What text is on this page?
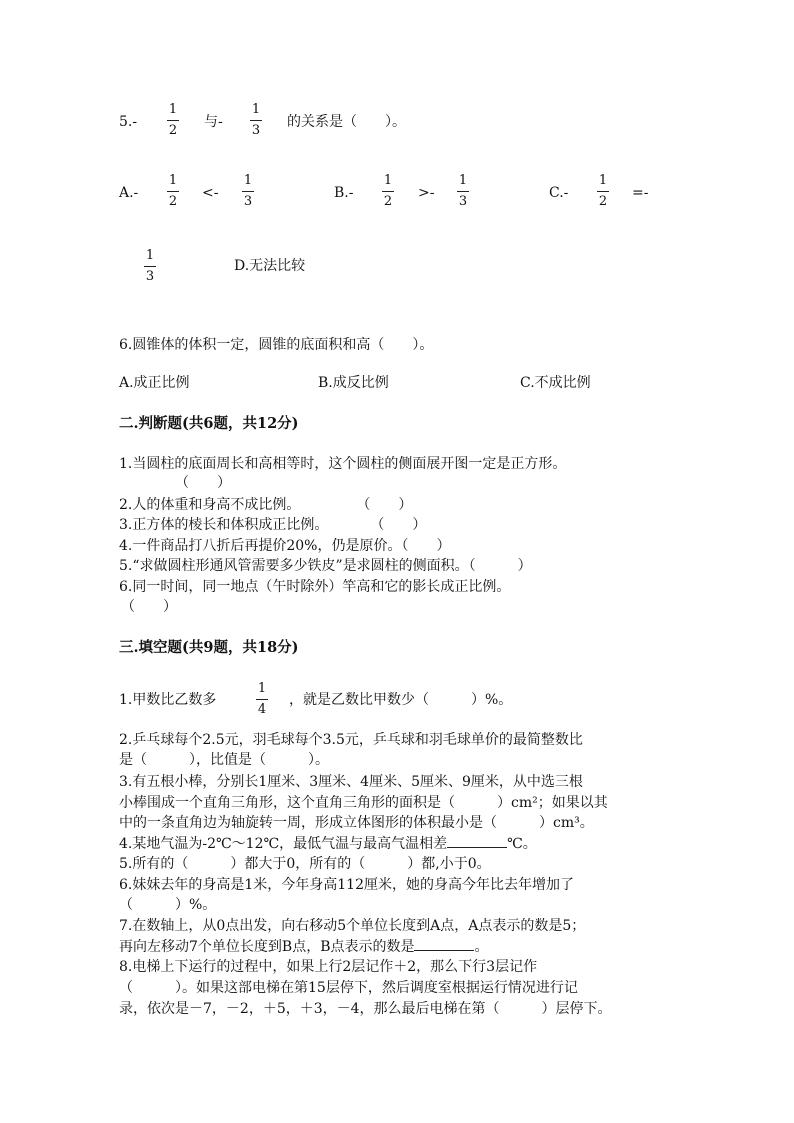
5.-
1
2
与-
1
3
的关系是（　　）。
A.-
1
2
<-
1
3
B.-
1
2
>-
1
3
C.-
1
2
=-
1
3
D.无法比较
6.圆锥体的体积一定，圆锥的底面积和高（　　）。
A.成正比例	B.成反比例	C.不成比例
二.判断题(共6题，共12分)
1.当圆柱的底面周长和高相等时，这个圆柱的侧面展开图一定是正方形。
（　　）
2.人的体重和身高不成比例。　　　　　（　　）
3.正方体的棱长和体积成正比例。　　　　（　　）
4.一件商品打八折后再提价20%，仍是原价。（　　）
5.“求做圆柱形通风管需要多少铁皮”是求圆柱的侧面积。（　　　）
6.同一时间，同一地点（午时除外）竿高和它的影长成正比例。
（　　）
三.填空题(共9题，共18分)
1.甲数比乙数多
1
4
，就是乙数比甲数少（　　　）%。
2.乒乓球每个2.5元，羽毛球每个3.5元，乒乓球和羽毛球单价的最简整数比
是（　　　），比值是（　　　）。
3.有五根小棒，分别长1厘米、3厘米、4厘米、5厘米、9厘米，从中选三根
小棒围成一个直角三角形，这个直角三角形的面积是（　　　）cm²；如果以其
中的一条直角边为轴旋转一周，形成立体图形的体积最小是（　　　）cm³。
4.某地气温为-2℃～12℃，最低气温与最高气温相差	℃。
5.所有的（　　　）都大于0，所有的（　　　）都,小于0。
6.妹妹去年的身高是1米，今年身高112厘米，她的身高今年比去年增加了
（　　　）%。
7.在数轴上，从0点出发，向右移动5个单位长度到A点，A点表示的数是5；
再向左移动7个单位长度到B点，B点表示的数是	。
8.电梯上下运行的过程中，如果上行2层记作＋2，那么下行3层记作
（　　　）。如果这部电梯在第15层停下，然后调度室根据运行情况进行记
录，依次是－7，－2，＋5，＋3，－4，那么最后电梯在第（　　　）层停下。
